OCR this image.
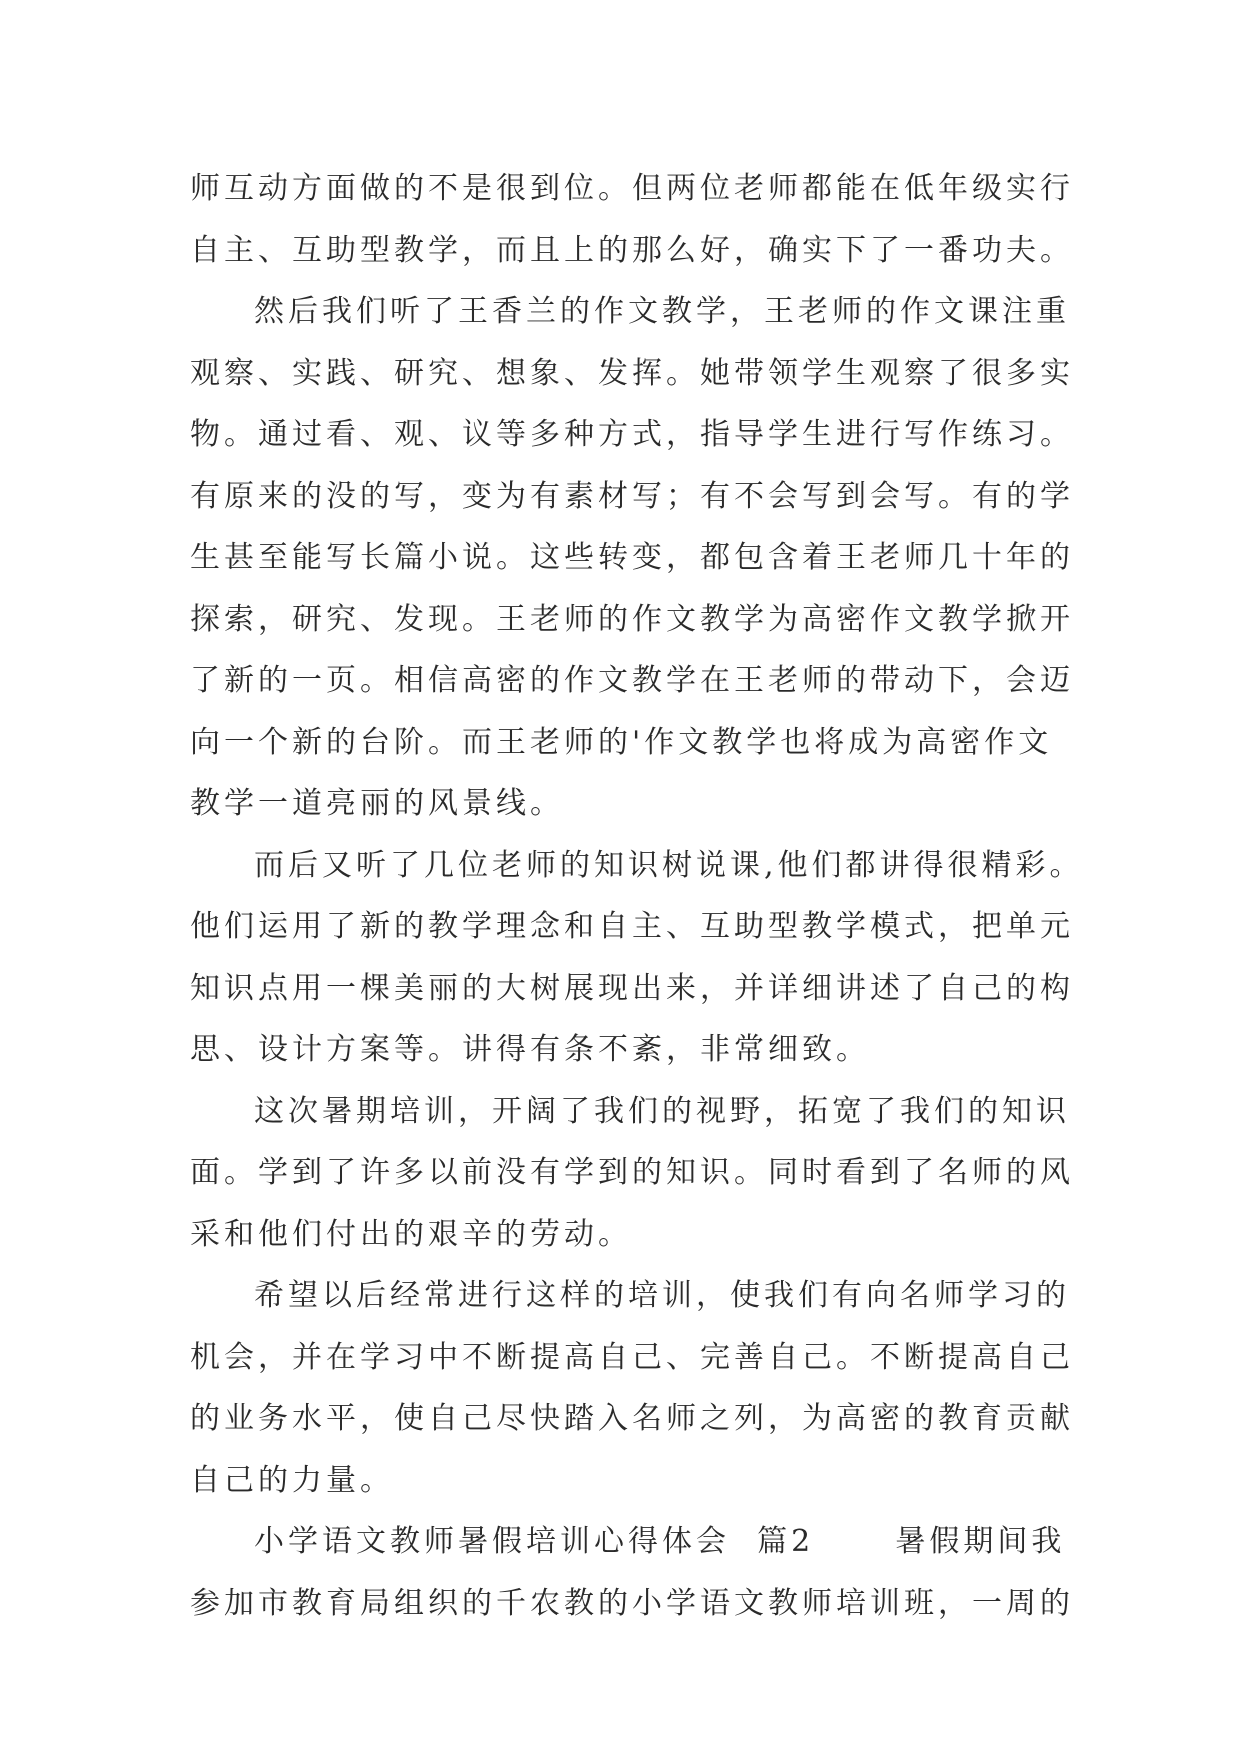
师互动方面做的不是很到位。但两位老师都能在低年级实行
自主、互助型教学，而且上的那么好，确实下了一番功夫。
然后我们听了王香兰的作文教学，王老师的作文课注重
观察、实践、研究、想象、发挥。她带领学生观察了很多实
物。通过看、观、议等多种方式，指导学生进行写作练习。
有原来的没的写，变为有素材写；有不会写到会写。有的学
生甚至能写长篇小说。这些转变，都包含着王老师几十年的
探索，研究、发现。王老师的作文教学为高密作文教学掀开
了新的一页。相信高密的作文教学在王老师的带动下，会迈
向一个新的台阶。而王老师的'作文教学也将成为高密作文
教学一道亮丽的风景线。
而后又听了几位老师的知识树说课,他们都讲得很精彩。
他们运用了新的教学理念和自主、互助型教学模式，把单元
知识点用一棵美丽的大树展现出来，并详细讲述了自己的构
思、设计方案等。讲得有条不紊，非常细致。
这次暑期培训，开阔了我们的视野，拓宽了我们的知识
面。学到了许多以前没有学到的知识。同时看到了名师的风
采和他们付出的艰辛的劳动。
希望以后经常进行这样的培训，使我们有向名师学习的
机会，并在学习中不断提高自己、完善自己。不断提高自己
的业务水平，使自己尽快踏入名师之列，为高密的教育贡献
自己的力量。
小学语文教师暑假培训心得体会  篇2      暑假期间我
参加市教育局组织的千农教的小学语文教师培训班，一周的
